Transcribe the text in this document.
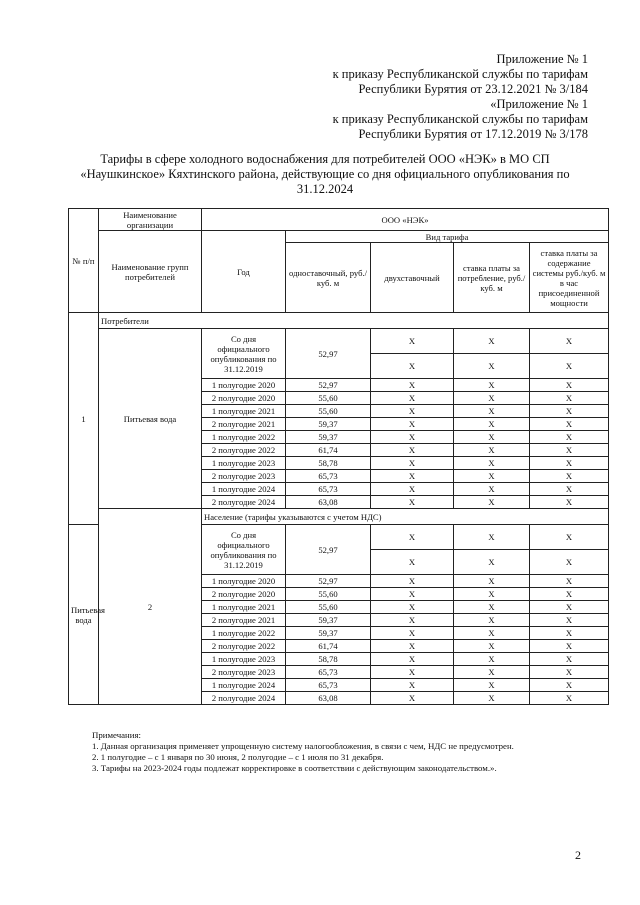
Приложение № 1
к приказу Республиканской службы по тарифам
Республики Бурятия от 23.12.2021 № 3/184
«Приложение № 1
к приказу Республиканской службы по тарифам
Республики Бурятия от 17.12.2019 № 3/178
Тарифы в сфере холодного водоснабжения для потребителей ООО «НЭК» в МО СП «Наушкинское» Кяхтинского района, действующие со дня официального опубликования по 31.12.2024
№ п/п	Наименование организации	ООО «НЭК»				
	Наименование групп потребителей	Год	Вид тарифа			
			одноставочный, руб./ куб. м	двухставочный	ставка платы за потребление, руб./ куб. м	ставка платы за содержание системы руб./куб. м в час присоединенной мощности
1	Потребители					
	Питьевая вода	Со дня официального опубликования по 31.12.2019	52,97	Х	Х	Х
				Х	Х	Х
		1 полугодие 2020	52,97	Х	Х	Х
		2 полугодие 2020	55,60	Х	Х	Х
		1 полугодие 2021	55,60	Х	Х	Х
		2 полугодие 2021	59,37	Х	Х	Х
		1 полугодие 2022	59,37	Х	Х	Х
		2 полугодие 2022	61,74	Х	Х	Х
		1 полугодие 2023	58,78	Х	Х	Х
		2 полугодие 2023	65,73	Х	Х	Х
		1 полугодие 2024	65,73	Х	Х	Х
		2 полугодие 2024	63,08	Х	Х	Х
	2	Население (тарифы указываются с учетом НДС)				
Питьевая вода		Со дня официального опубликования по 31.12.2019	52,97	Х	Х	Х
				Х	Х	Х
		1 полугодие 2020	52,97	Х	Х	Х
		2 полугодие 2020	55,60	Х	Х	Х
		1 полугодие 2021	55,60	Х	Х	Х
		2 полугодие 2021	59,37	Х	Х	Х
		1 полугодие 2022	59,37	Х	Х	Х
		2 полугодие 2022	61,74	Х	Х	Х
		1 полугодие 2023	58,78	Х	Х	Х
		2 полугодие 2023	65,73	Х	Х	Х
		1 полугодие 2024	65,73	Х	Х	Х
		2 полугодие 2024	63,08	Х	Х	Х

Примечания:

1. Данная организация применяет упрощенную систему налогообложения, в связи с чем, НДС не предусмотрен.

2. 1 полугодие – с 1 января по 30 июня, 2 полугодие – с 1 июля по 31 декабря.

3. Тарифы на 2023-2024 годы подлежат корректировке в соответствии с действующим законодательством.».

2
